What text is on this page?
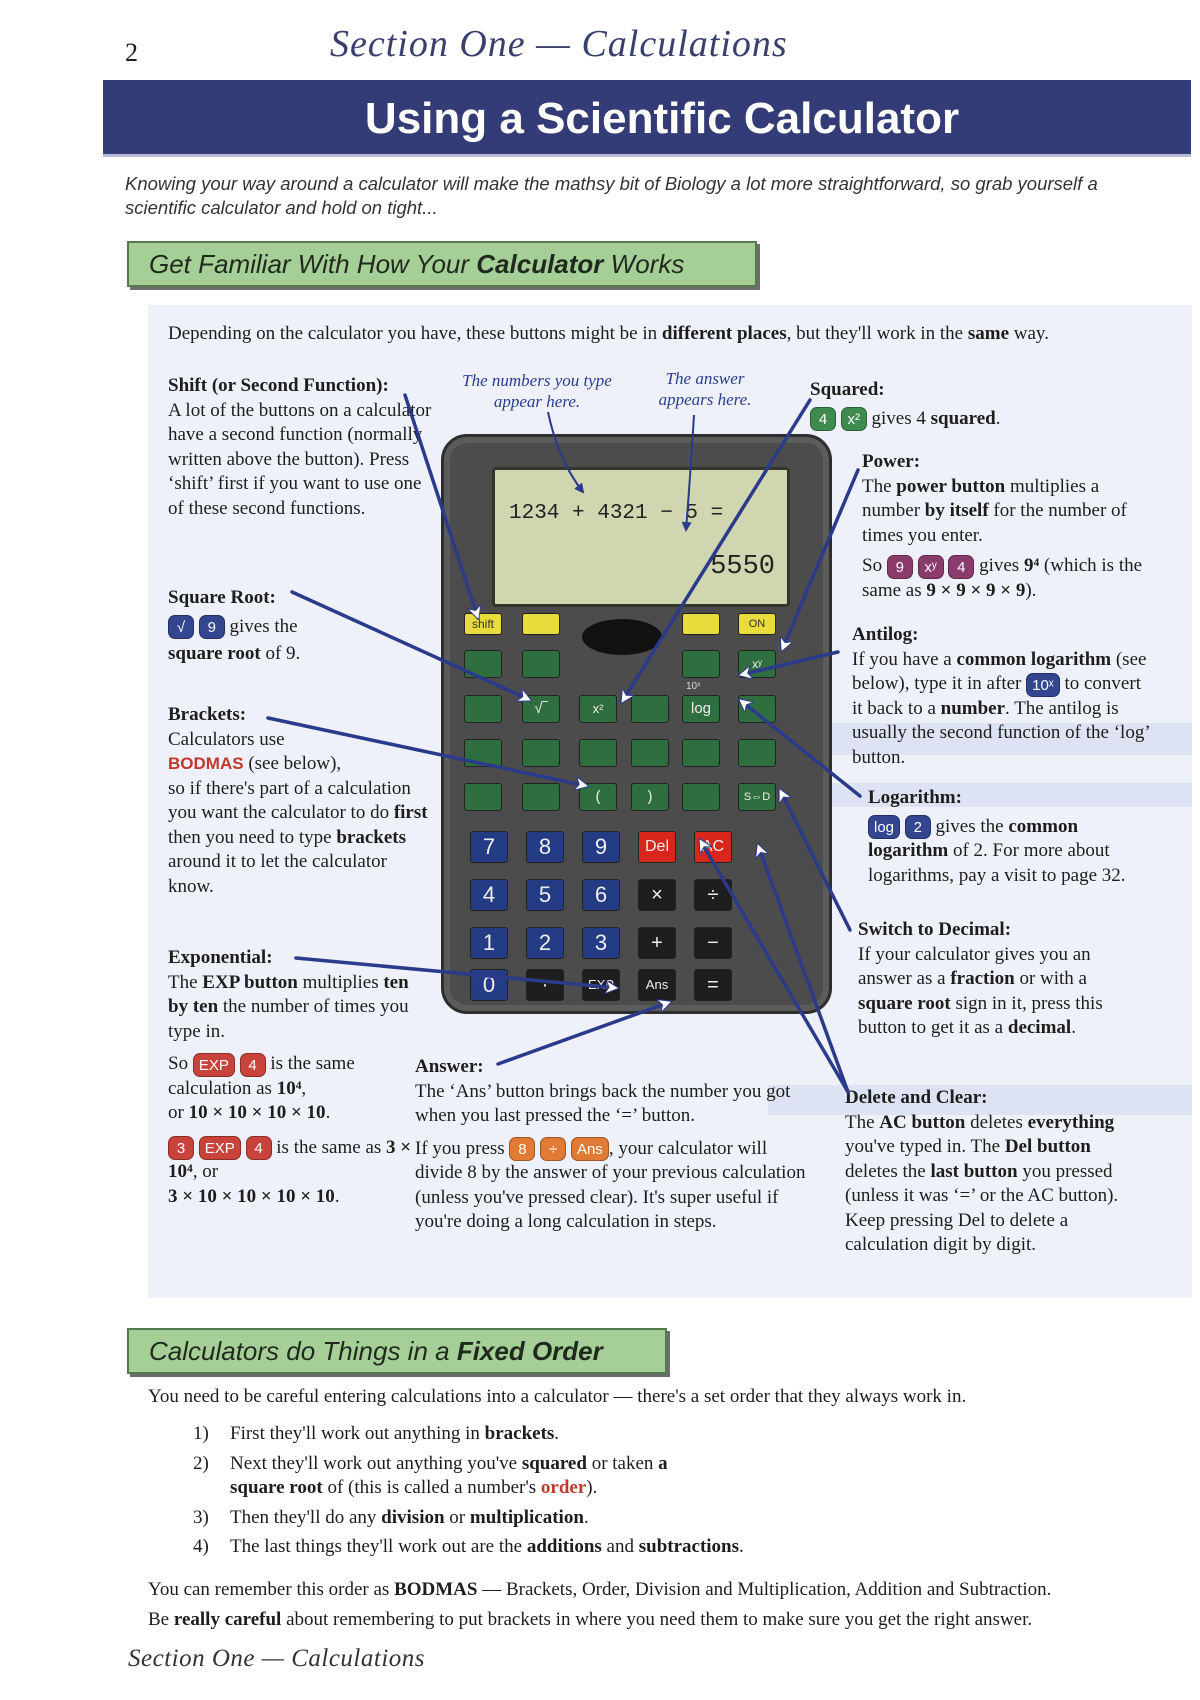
2	Section One — Calculations
Using a Scientific Calculator
Knowing your way around a calculator will make the mathsy bit of Biology a lot more straightforward, so grab yourself a scientific calculator and hold on tight...
Get Familiar With How Your Calculator Works
Depending on the calculator you have, these buttons might be in different places, but they'll work in the same way.
The numbers you type appear here.
The answer appears here.
Shift (or Second Function):
A lot of the buttons on a calculator have a second function (normally written above the button). Press ‘shift’ first if you want to use one of these second functions.
Square Root:
√ 9 gives the
square root of 9.
Brackets:
Calculators use
BODMAS (see below),
so if there's part of a calculation you want the calculator to do first then you need to type brackets around it to let the calculator know.
Exponential:
The EXP button multiplies ten by ten the number of times you type in.
So EXP 4 is the same calculation as 10⁴,
or 10 × 10 × 10 × 10.
3 EXP 4 is the same as 3 × 10⁴, or
3 × 10 × 10 × 10 × 10.
Answer:
The ‘Ans’ button brings back the number you got when you last pressed the ‘=’ button.
If you press 8 ÷ Ans , your calculator will divide 8 by the answer of your previous calculation (unless you've pressed clear). It's super useful if you're doing a long calculation in steps.
Squared:
4 x² gives 4 squared.
Power:
The power button multiplies a number by itself for the number of times you enter.
So 9 xʸ 4 gives 9⁴ (which is the same as 9 × 9 × 9 × 9).
Antilog:
If you have a common logarithm (see below), type it in after 10ˣ to convert it back to a number. The antilog is usually the second function of the ‘log’ button.
Logarithm:
log 2 gives the common
logarithm of 2. For more about logarithms, pay a visit to page 32.
Switch to Decimal:
If your calculator gives you an answer as a fraction or with a square root sign in it, press this button to get it as a decimal.
Delete and Clear:
The AC button deletes everything you've typed in. The Del button deletes the last button you pressed (unless it was ‘=’ or the AC button). Keep pressing Del to delete a calculation digit by digit.
1234 + 4321 − 5 =
5550
shift	ON
xʸ
√‾	x²
10ˣ
log
(	)	S⇔D
7	8	9	Del	AC
4	5	6	×	÷
1	2	3	+	−
0	·	EXP	Ans	=
Calculators do Things in a Fixed Order
You need to be careful entering calculations into a calculator — there's a set order that they always work in.
1)	First they'll work out anything in brackets.
2)	Next they'll work out anything you've squared or taken a square root of (this is called a number's order).
3)	Then they'll do any division or multiplication.
4)	The last things they'll work out are the additions and subtractions.
You can remember this order as BODMAS — Brackets, Order, Division and Multiplication, Addition and Subtraction.
Be really careful about remembering to put brackets in where you need them to make sure you get the right answer.
Section One — Calculations
